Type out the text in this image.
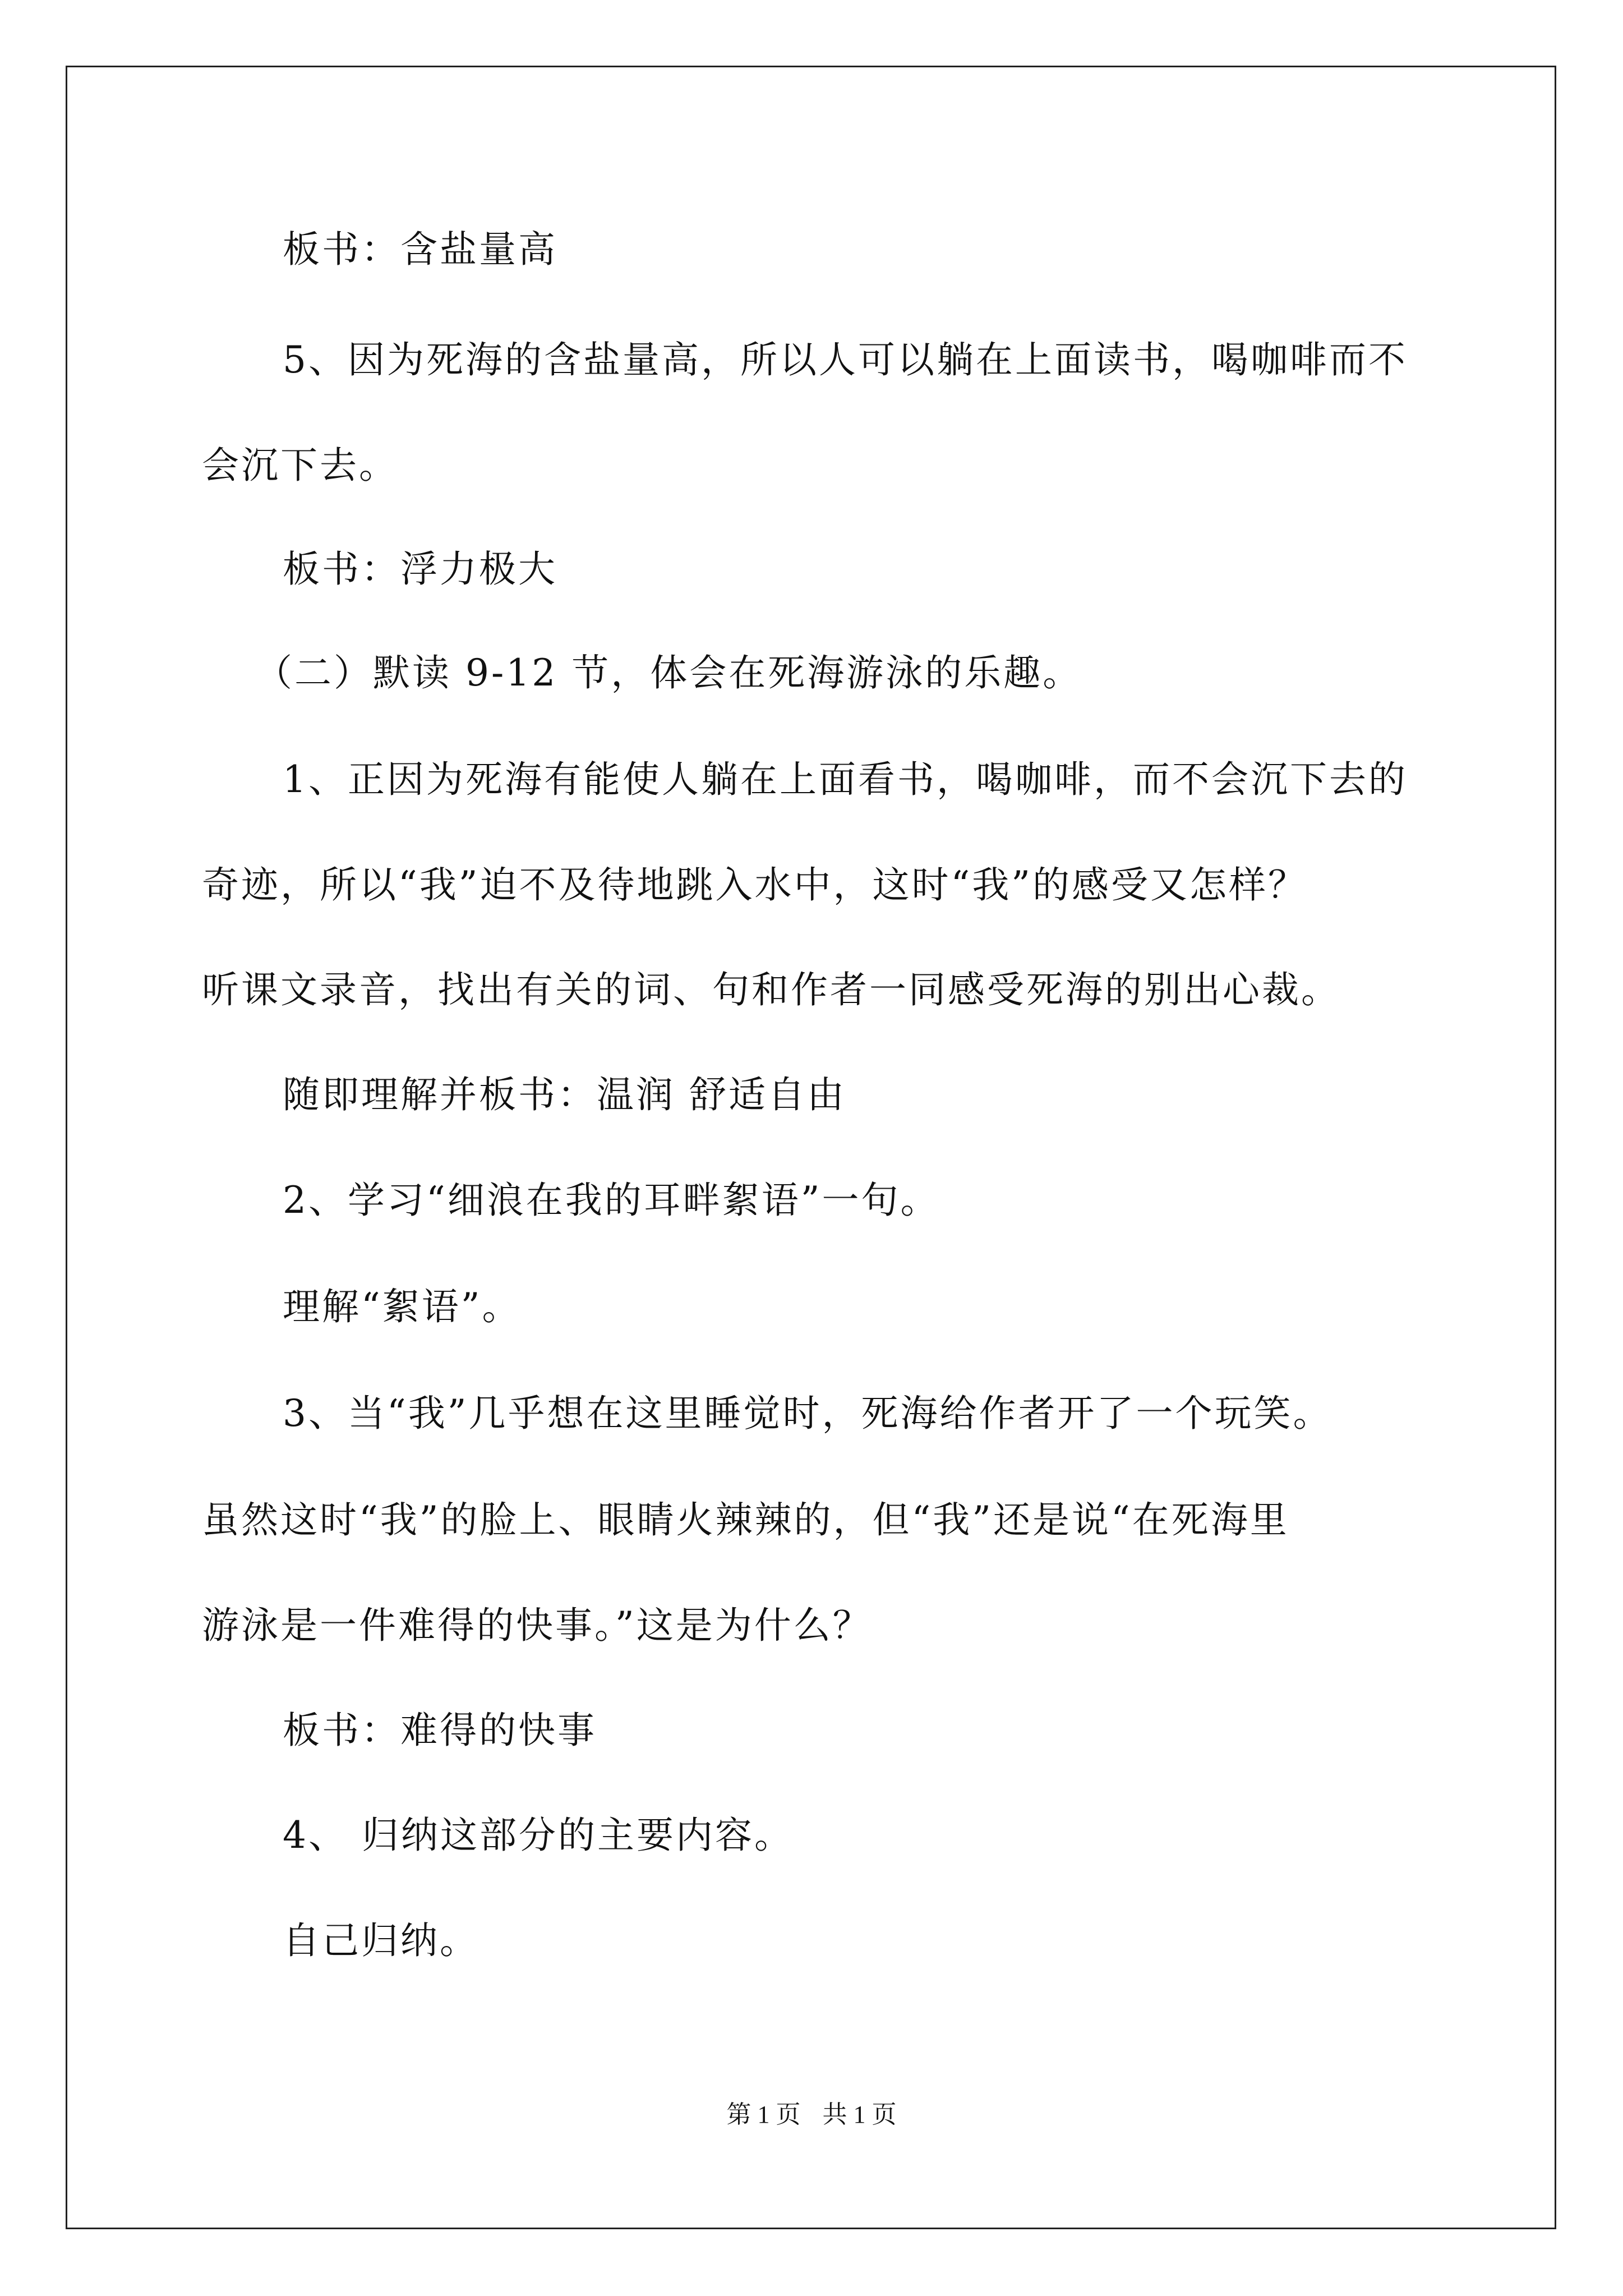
板书：含盐量高
5、因为死海的含盐量高，所以人可以躺在上面读书，喝咖啡而不
会沉下去。
板书：浮力极大
（二）默读 9-12 节，体会在死海游泳的乐趣。
1、正因为死海有能使人躺在上面看书，喝咖啡，而不会沉下去的
奇迹，所以“我”迫不及待地跳入水中，这时“我”的感受又怎样？
听课文录音，找出有关的词、句和作者一同感受死海的别出心裁。
随即理解并板书：温润 舒适自由
2、学习“细浪在我的耳畔絮语”一句。
理解“絮语”。
3、当“我”几乎想在这里睡觉时，死海给作者开了一个玩笑。
虽然这时“我”的脸上、眼睛火辣辣的，但“我”还是说“在死海里
游泳是一件难得的快事。”这是为什么？
板书：难得的快事
4、 归纳这部分的主要内容。
自己归纳。
第 1 页 共 1 页
